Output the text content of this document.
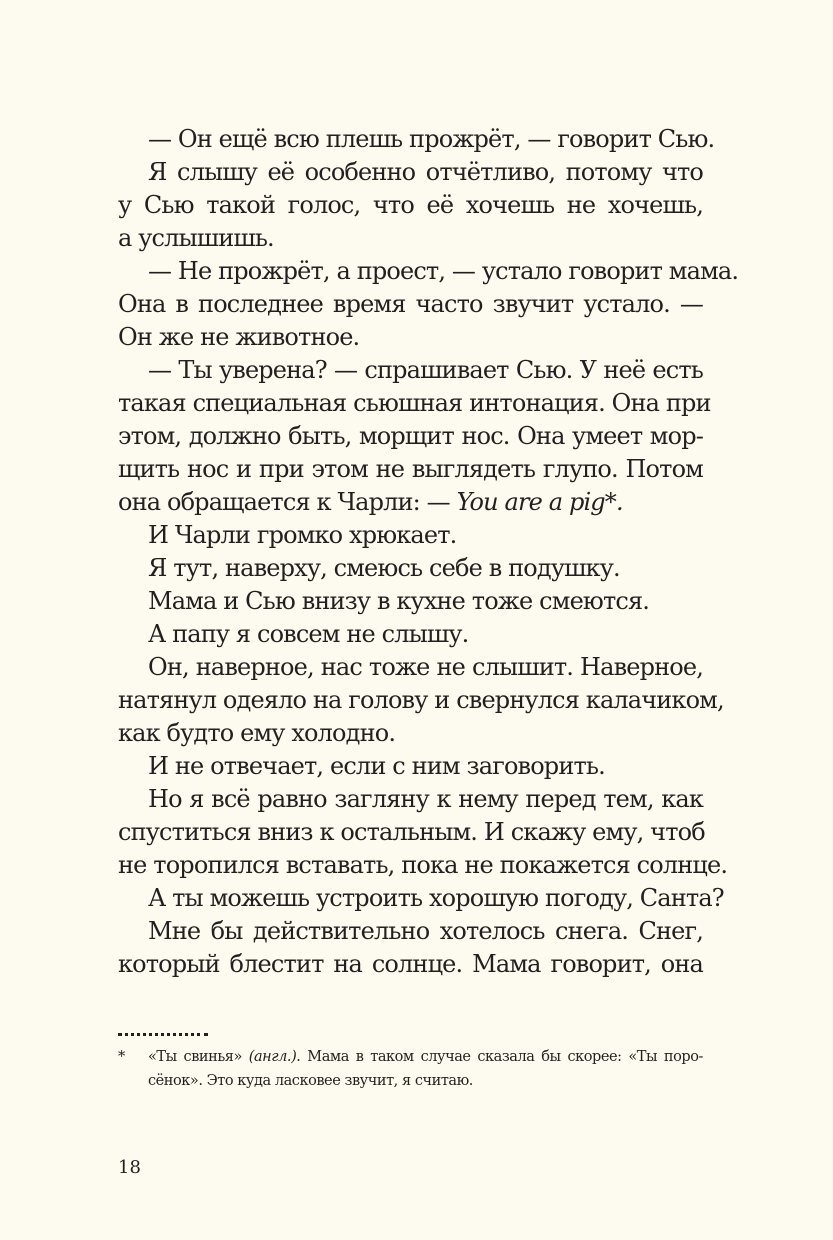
— Он ещё всю плешь прожрёт, — говорит Сью.
Я слышу её особенно отчётливо, потому что
у Сью такой голос, что её хочешь не хочешь,
а услышишь.
— Не прожрёт, а проест, — устало говорит мама.
Она в последнее время часто звучит устало. —
Он же не животное.
— Ты уверена? — спрашивает Сью. У неё есть
такая специальная сьюшная интонация. Она при
этом, должно быть, морщит нос. Она умеет мор-
щить нос и при этом не выглядеть глупо. Потом
она обращается к Чарли: — You are a pig*.
И Чарли громко хрюкает.
Я тут, наверху, смеюсь себе в подушку.
Мама и Сью внизу в кухне тоже смеются.
А папу я совсем не слышу.
Он, наверное, нас тоже не слышит. Наверное,
натянул одеяло на голову и свернулся калачиком,
как будто ему холодно.
И не отвечает, если с ним заговорить.
Но я всё равно загляну к нему перед тем, как
спуститься вниз к остальным. И скажу ему, чтоб
не торопился вставать, пока не покажется солнце.
А ты можешь устроить хорошую погоду, Санта?
Мне бы действительно хотелось снега. Снег,
который блестит на солнце. Мама говорит, она
* «Ты свинья» (англ.). Мама в таком случае сказала бы скорее: «Ты поро-
сёнок». Это куда ласковее звучит, я считаю.
18
